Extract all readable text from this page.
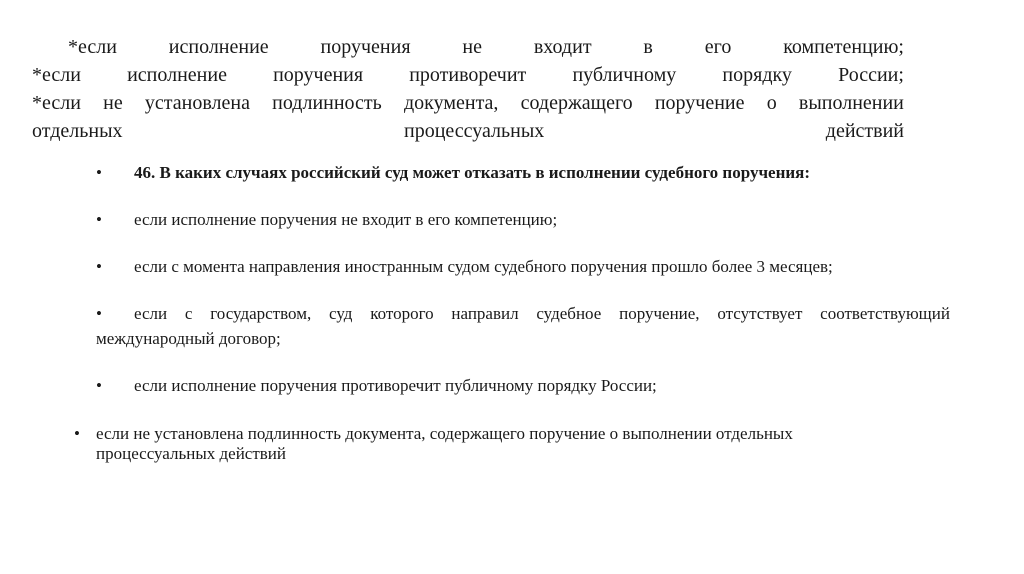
*если	исполнение	поручения	не	входит	в	его	компетенцию;
*если исполнение поручения противоречит публичному порядку России;
*если не установлена подлинность документа, содержащего поручение о выполнении
отдельных	процессуальных	действий
• 46. В каких случаях российский суд может отказать в исполнении судебного поручения:
• если исполнение поручения не входит в его компетенцию;
• если с момента направления иностранным судом судебного поручения прошло более 3 месяцев;
• если с государством, суд которого направил судебное поручение, отсутствует соответствующий
международный договор;
• если исполнение поручения противоречит публичному порядку России;
• если не установлена подлинность документа, содержащего поручение о выполнении отдельных процессуальных действий
